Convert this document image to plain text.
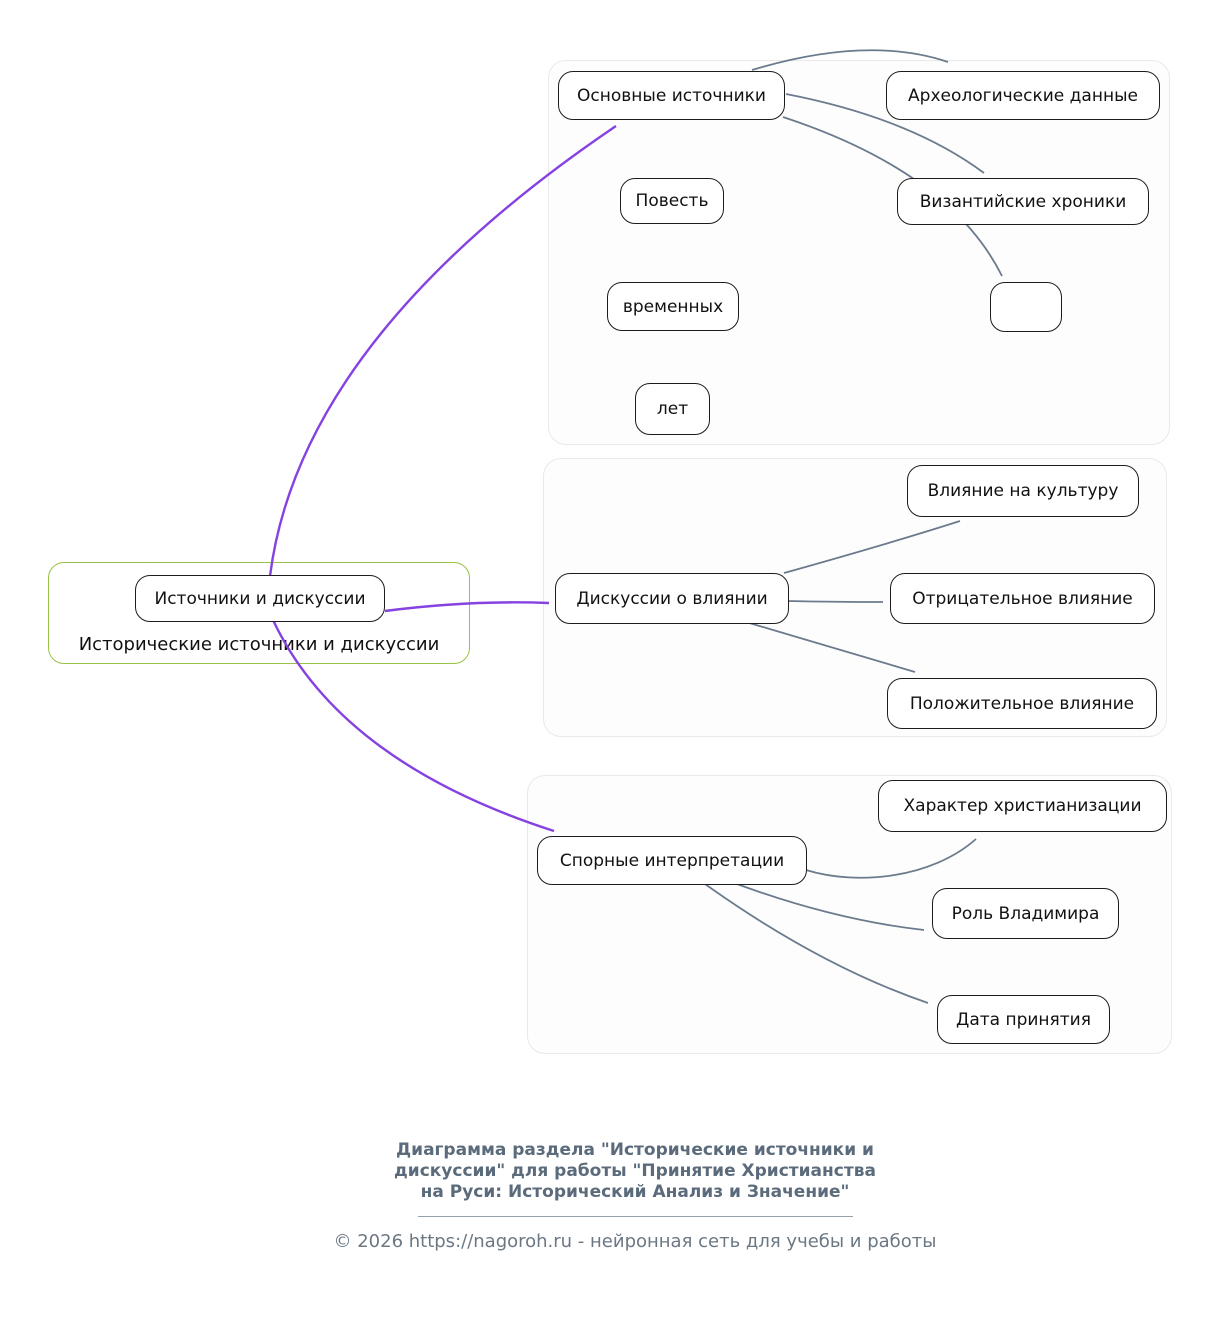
Исторические источники и дискуссии
Источники и дискуссии
Основные источники	Археологические данные
Повесть	Византийские хроники
временных
лет
Влияние на культуру
Дискуссии о влиянии	Отрицательное влияние
Положительное влияние
Характер христианизации
Спорные интерпретации
Роль Владимира
Дата принятия
Диаграмма раздела "Исторические источники и
дискуссии" для работы "Принятие Христианства
на Руси: Исторический Анализ и Значение"
© 2026 https://nagoroh.ru - нейронная сеть для учебы и работы
